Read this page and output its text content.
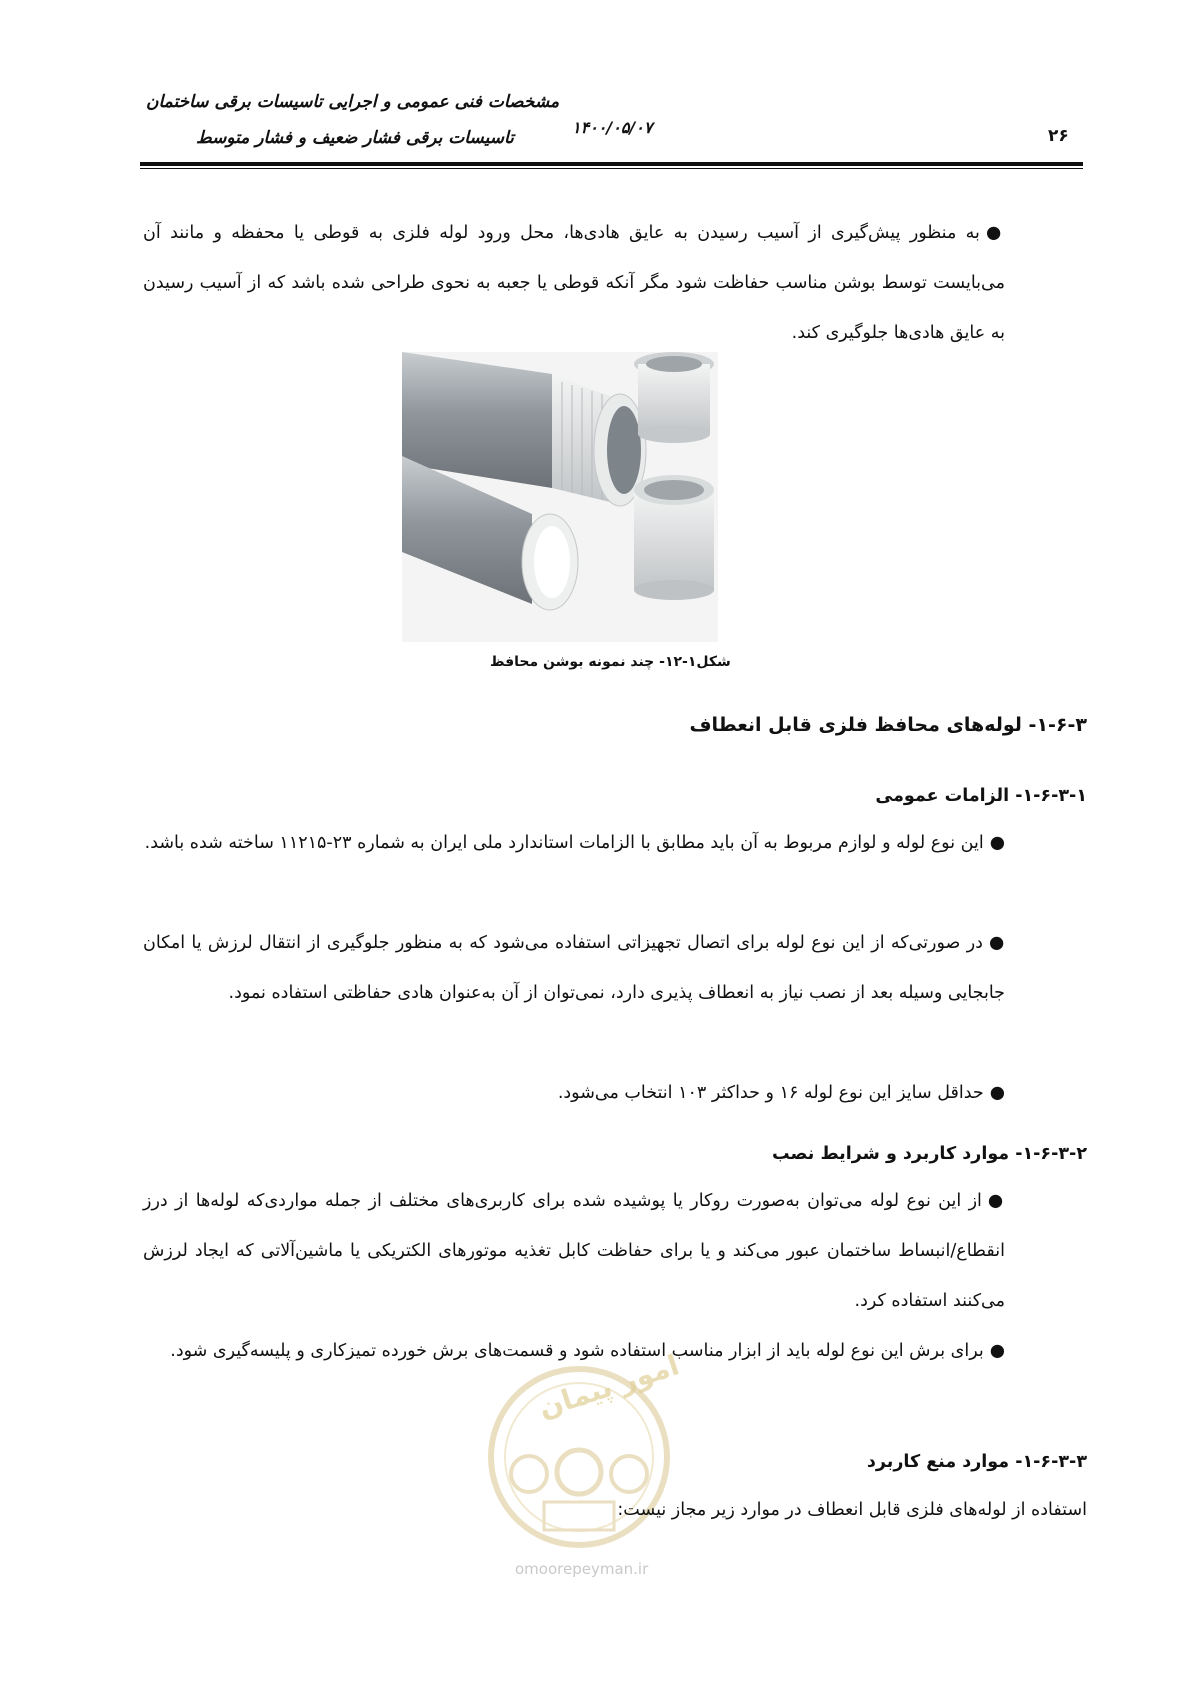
مشخصات فنی عمومی و اجرایی تاسیسات برقی ساختمان
تاسیسات برقی فشار ضعیف و فشار متوسط
۱۴۰۰/۰۵/۰۷	۲۶
●به منظور پیش‌گیری از آسیب رسیدن به عایق هادی‌ها، محل ورود لوله فلزی به قوطی یا محفظه و مانند آن می‌بایست توسط بوشن مناسب حفاظت شود مگر آنکه قوطی یا جعبه به نحوی طراحی شده باشد که از آسیب رسیدن به عایق هادی‌ها جلوگیری کند.
شکل۱-۱۲- چند نمونه بوشن محافظ
۱-۶-۳- لوله‌های محافظ فلزی قابل انعطاف
۱-۶-۳-۱- الزامات عمومی
●این نوع لوله و لوازم مربوط به آن باید مطابق با الزامات استاندارد ملی ایران به شماره ۲۳-۱۱۲۱۵ ساخته شده باشد.
●در صورتی‌که از این نوع لوله برای اتصال تجهیزاتی استفاده می‌شود که به منظور جلوگیری از انتقال لرزش یا امکان جابجایی وسیله بعد از نصب نیاز به انعطاف پذیری دارد، نمی‌توان از آن به‌عنوان هادی حفاظتی استفاده نمود.
●حداقل سایز این نوع لوله ۱۶ و حداکثر ۱۰۳ انتخاب می‌شود.
۱-۶-۳-۲- موارد کاربرد و شرایط نصب
●از این نوع لوله می‌توان به‌صورت روکار یا پوشیده شده برای کاربری‌های مختلف از جمله مواردی‌که لوله‌ها از درز انقطاع/انبساط ساختمان عبور می‌کند و یا برای حفاظت کابل تغذیه موتورهای الکتریکی یا ماشین‌آلاتی که ایجاد لرزش می‌کنند استفاده کرد.
●برای برش این نوع لوله باید از ابزار مناسب استفاده شود و قسمت‌های برش خورده تمیزکاری و پلیسه‌گیری شود.
امور پیمان
omoorepeyman.ir
۱-۶-۳-۳- موارد منع کاربرد
استفاده از لوله‌های فلزی قابل انعطاف در موارد زیر مجاز نیست:
